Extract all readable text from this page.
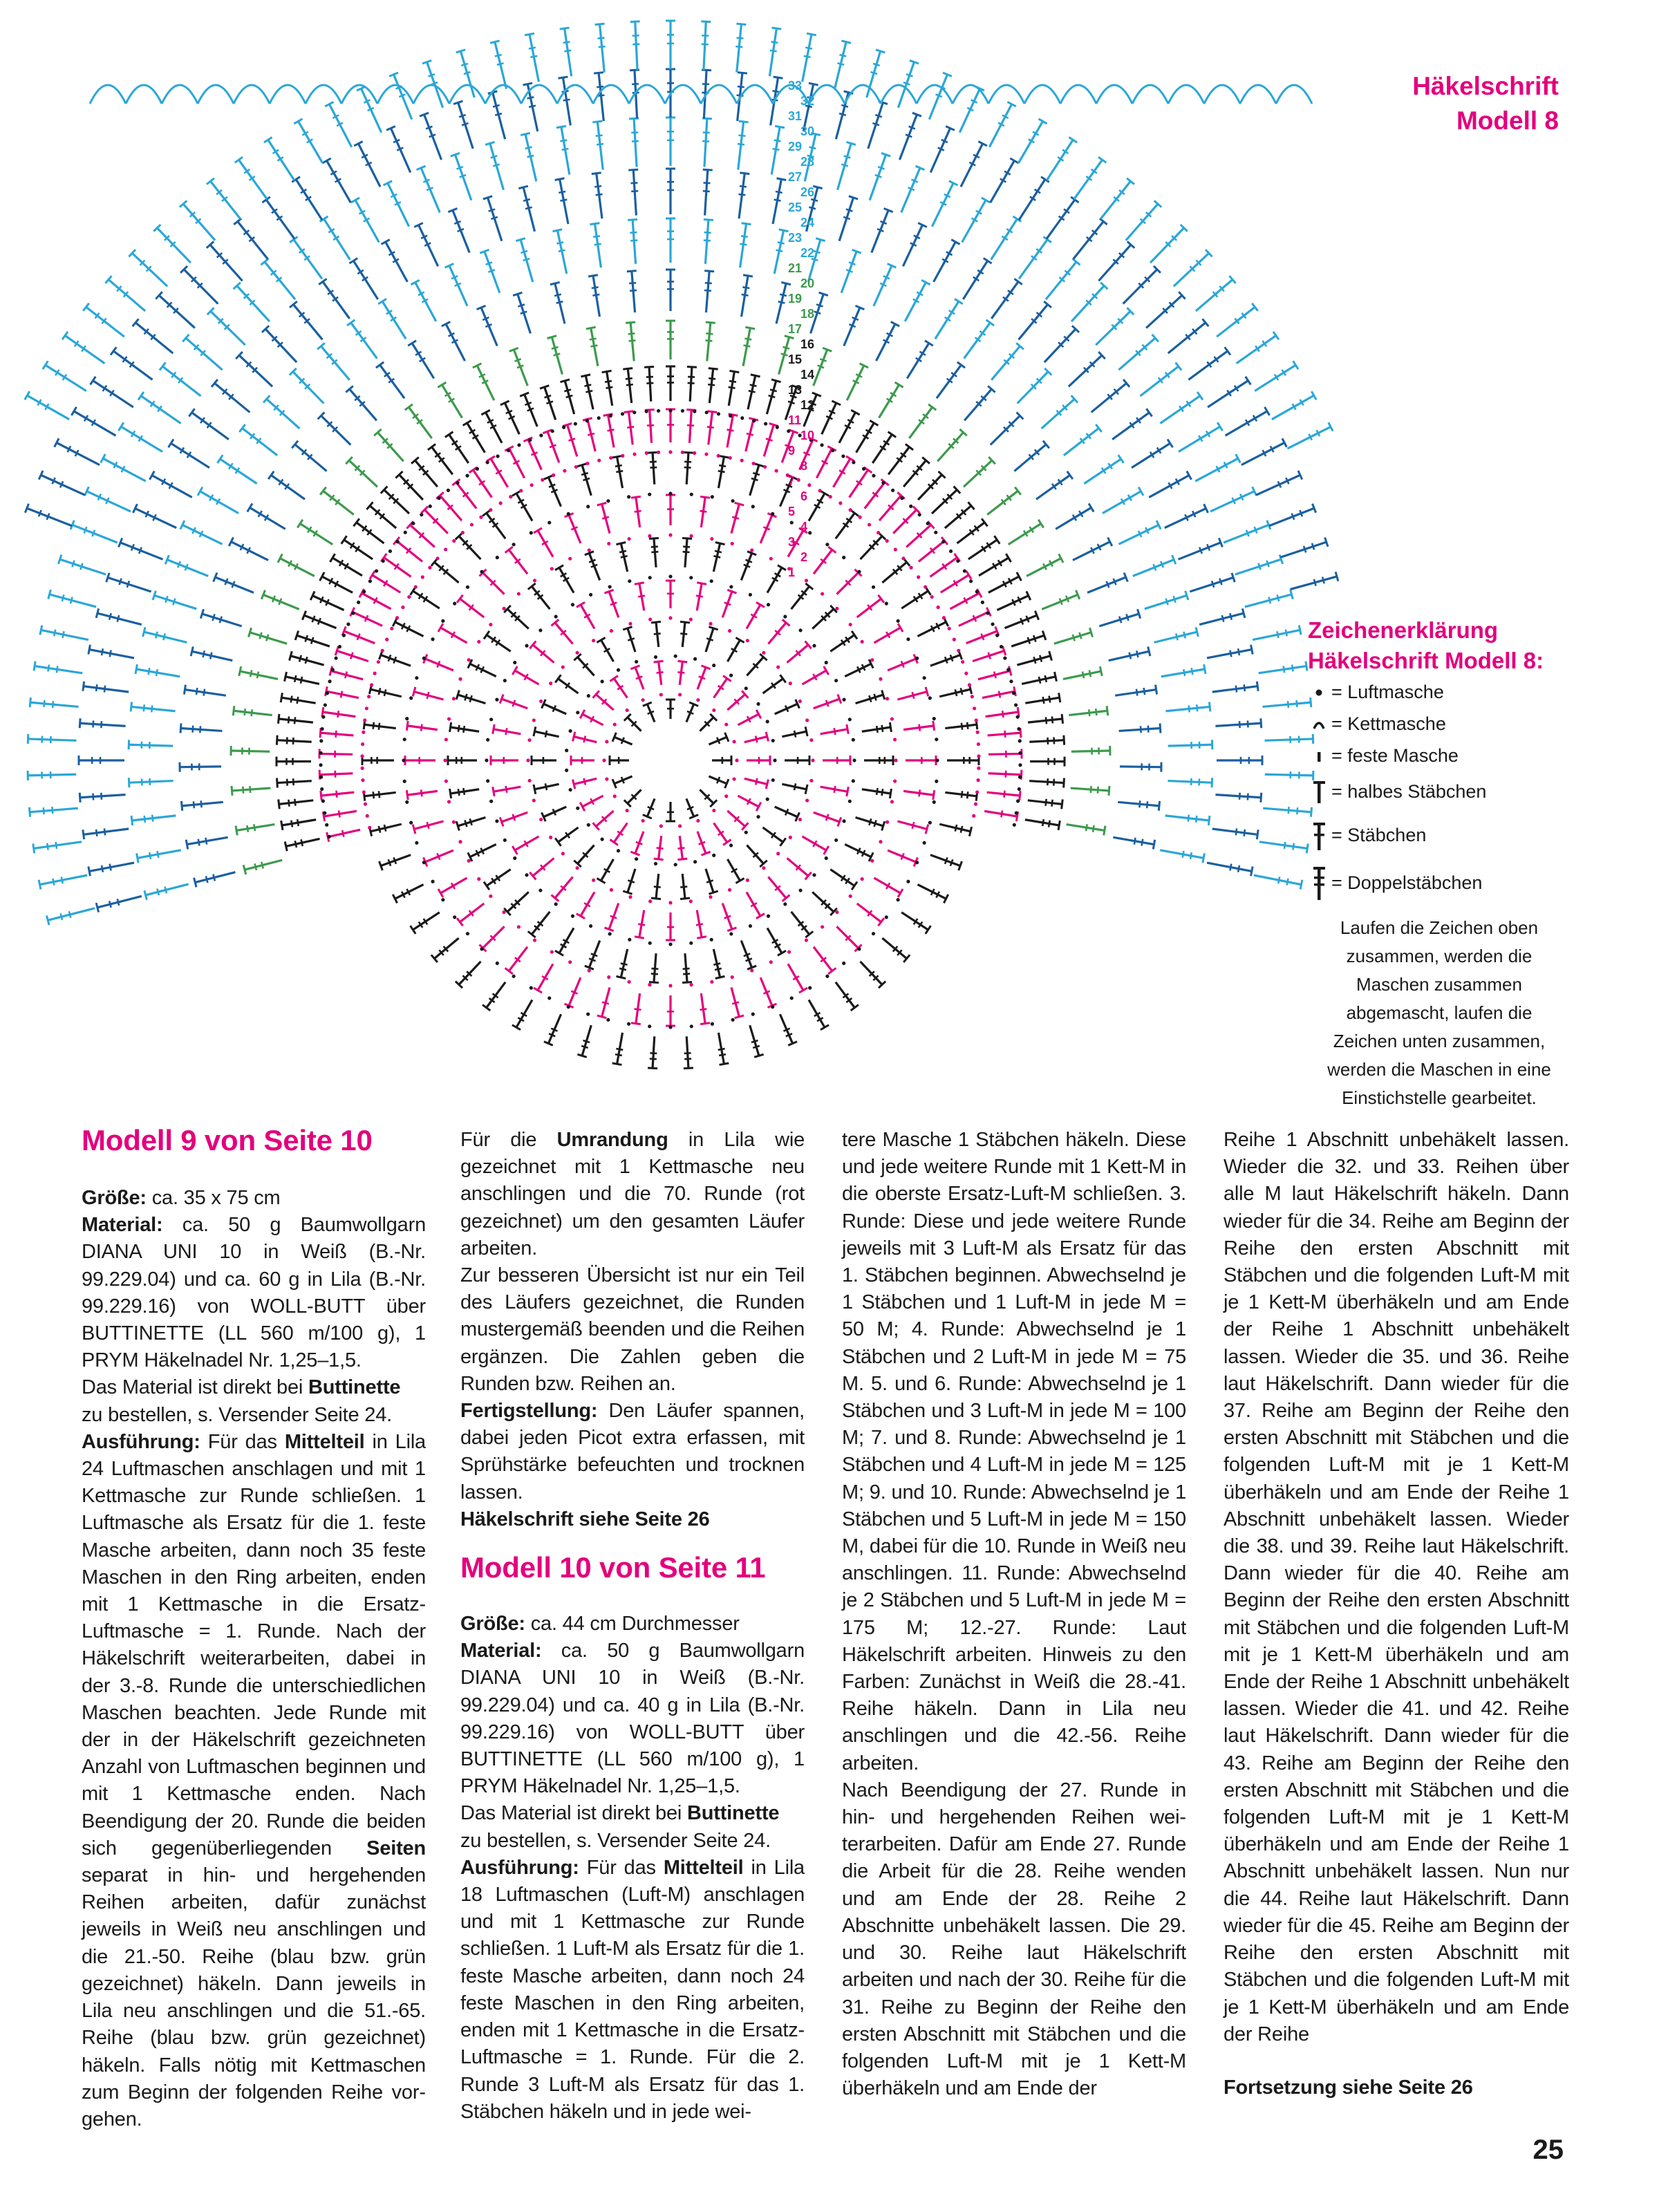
33
32
31
30
29
28
27
26
25
24
23
22
21
20
19
18
17
16
15
14
13
12
11
10
9
8
7
6
5
4
3
2
1
Häkelschrift
Modell 8
Zeichenerklärung
Häkelschrift Modell 8:
= Luftmasche
= Kettmasche
= feste Masche
= halbes Stäbchen
= Stäbchen
= Doppelstäbchen
Laufen die Zeichen oben zusammen, werden die Maschen zusammen abgemascht, laufen die Zeichen unten zusammen, werden die Maschen in eine Einstichstelle gearbeitet.

Modell 9 von Seite 10

Größe: ca. 35 x 75 cm

Material: ca. 50 g Baumwollgarn DIANA UNI 10 in Weiß (B.-Nr. 99.229.04) und ca. 60 g in Lila (B.-Nr. 99.229.16) von WOLL-BUTT über BUTTINETTE (LL 560 m/100 g), 1 PRYM Häkelnadel Nr. 1,25–1,5.

Das Material ist direkt bei Buttinette zu bestellen, s. Versender Seite 24.

Ausführung: Für das Mittelteil in Lila 24 Luftmaschen anschlagen und mit 1 Kettmasche zur Runde schließen. 1 Luftmasche als Ersatz für die 1. feste Masche arbeiten, dann noch 35 feste Maschen in den Ring arbeiten, enden mit 1 Kettmasche in die Ersatz-Luftmasche = 1. Runde. Nach der Häkelschrift weiterarbeiten, dabei in der 3.-8. Runde die unterschiedlichen Maschen beachten. Jede Runde mit der in der Häkelschrift gezeichneten Anzahl von Luftmaschen beginnen und mit 1 Kettmasche enden. Nach Beendigung der 20. Runde die beiden sich gegenüberliegenden Seiten separat in hin- und hergehenden Reihen arbeiten, dafür zunächst jeweils in Weiß neu anschlingen und die 21.-50. Reihe (blau bzw. grün gezeichnet) häkeln. Dann jeweils in Lila neu anschlingen und die 51.-65. Reihe (blau bzw. grün gezeichnet) häkeln. Falls nötig mit Kettmaschen zum Beginn der folgenden Reihe vorgehen.

Für die Umrandung in Lila wie gezeichnet mit 1 Kettmasche neu anschlingen und die 70. Runde (rot gezeichnet) um den gesamten Läufer arbeiten.

Zur besseren Übersicht ist nur ein Teil des Läufers gezeichnet, die Runden mustergemäß beenden und die Reihen ergänzen. Die Zahlen geben die Runden bzw. Reihen an.

Fertigstellung: Den Läufer spannen, dabei jeden Picot extra erfassen, mit Sprühstärke befeuchten und trocknen lassen.

Häkelschrift siehe Seite 26

Modell 10 von Seite 11

Größe: ca. 44 cm Durchmesser

Material: ca. 50 g Baumwollgarn DIANA UNI 10 in Weiß (B.-Nr. 99.229.04) und ca. 40 g in Lila (B.-Nr. 99.229.16) von WOLL-BUTT über BUTTINETTE (LL 560 m/100 g), 1 PRYM Häkelnadel Nr. 1,25–1,5.

Das Material ist direkt bei Buttinette zu bestellen, s. Versender Seite 24.

Ausführung: Für das Mittelteil in Lila 18 Luftmaschen (Luft-M) anschlagen und mit 1 Kettmasche zur Runde schließen. 1 Luft-M als Ersatz für die 1. feste Masche arbeiten, dann noch 24 feste Maschen in den Ring arbeiten, enden mit 1 Kettmasche in die Ersatz-Luftmasche = 1. Runde. Für die 2. Runde 3 Luft-M als Ersatz für das 1. Stäbchen häkeln und in jede wei-

tere Masche 1 Stäbchen häkeln. Diese und jede weitere Runde mit 1 Kett-M in die oberste Ersatz-Luft-M schließen. 3. Runde: Diese und jede weitere Runde jeweils mit 3 Luft-M als Ersatz für das 1. Stäbchen beginnen. Abwechselnd je 1 Stäbchen und 1 Luft-M in jede M = 50 M; 4. Runde: Abwechselnd je 1 Stäbchen und 2 Luft-M in jede M = 75 M. 5. und 6. Runde: Abwechselnd je 1 Stäbchen und 3 Luft-M in jede M = 100 M; 7. und 8. Runde: Abwechselnd je 1 Stäbchen und 4 Luft-M in jede M = 125 M; 9. und 10. Runde: Abwechselnd je 1 Stäbchen und 5 Luft-M in jede M = 150 M, dabei für die 10. Runde in Weiß neu anschlingen. 11. Runde: Abwechselnd je 2 Stäbchen und 5 Luft-M in jede M = 175 M; 12.-27. Runde: Laut Häkelschrift arbeiten. Hinweis zu den Farben: Zunächst in Weiß die 28.-41. Reihe häkeln. Dann in Lila neu anschlingen und die 42.-56. Reihe arbeiten.

Nach Beendigung der 27. Runde in hin- und hergehenden Reihen weiterarbeiten. Dafür am Ende 27. Runde die Arbeit für die 28. Reihe wenden und am Ende der 28. Reihe 2 Abschnitte unbehäkelt lassen. Die 29. und 30. Reihe laut Häkelschrift arbeiten und nach der 30. Reihe für die 31. Reihe zu Beginn der Reihe den ersten Abschnitt mit Stäbchen und die folgenden Luft-M mit je 1 Kett-M überhäkeln und am Ende der

Reihe 1 Abschnitt unbehäkelt lassen. Wieder die 32. und 33. Reihen über alle M laut Häkelschrift häkeln. Dann wieder für die 34. Reihe am Beginn der Reihe den ersten Abschnitt mit Stäbchen und die folgenden Luft-M mit je 1 Kett-M überhäkeln und am Ende der Reihe 1 Abschnitt unbehäkelt lassen. Wieder die 35. und 36. Reihe laut Häkelschrift. Dann wieder für die 37. Reihe am Beginn der Reihe den ersten Abschnitt mit Stäbchen und die folgenden Luft-M mit je 1 Kett-M überhäkeln und am Ende der Reihe 1 Abschnitt unbehäkelt lassen. Wieder die 38. und 39. Reihe laut Häkelschrift. Dann wieder für die 40. Reihe am Beginn der Reihe den ersten Abschnitt mit Stäbchen und die folgenden Luft-M mit je 1 Kett-M überhäkeln und am Ende der Reihe 1 Abschnitt unbehäkelt lassen. Wieder die 41. und 42. Reihe laut Häkelschrift. Dann wieder für die 43. Reihe am Beginn der Reihe den ersten Abschnitt mit Stäbchen und die folgenden Luft-M mit je 1 Kett-M überhäkeln und am Ende der Reihe 1 Abschnitt unbehäkelt lassen. Nun nur die 44. Reihe laut Häkelschrift. Dann wieder für die 45. Reihe am Beginn der Reihe den ersten Abschnitt mit Stäbchen und die folgenden Luft-M mit je 1 Kett-M überhäkeln und am Ende der Reihe

Fortsetzung siehe Seite 26

25
